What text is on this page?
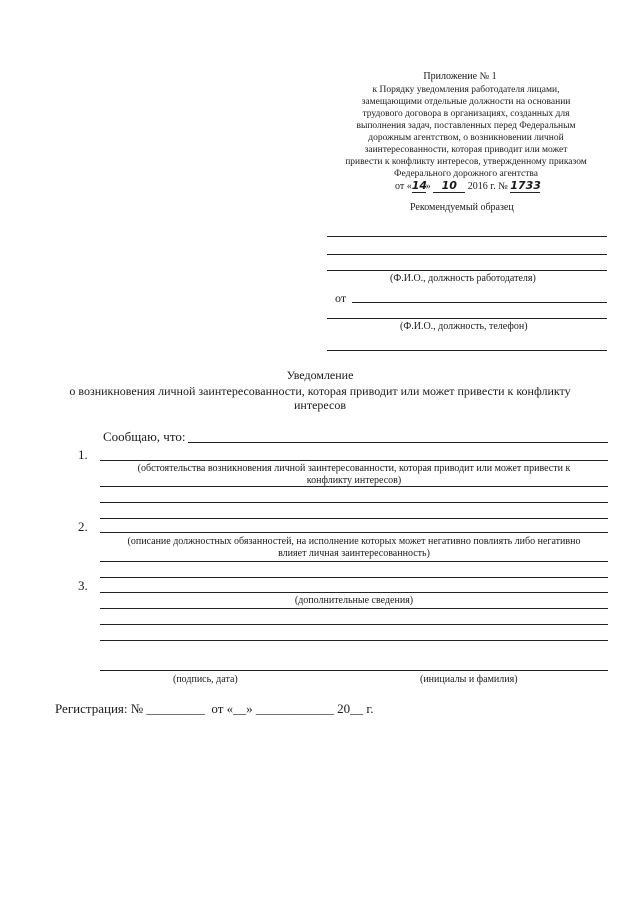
Приложение № 1
к Порядку уведомления работодателя лицами,
замещающими отдельные должности на основании
трудового договора в организациях, созданных для
выполнения задач, поставленных перед Федеральным
дорожным агентством, о возникновении личной
заинтересованности, которая приводит или может
привести к конфликту интересов, утвержденному приказом
Федерального дорожного агентства
от «14» 10 2016 г. № 1733
Рекомендуемый образец
(Ф.И.О., должность работодателя)
от
(Ф.И.О., должность, телефон)
Уведомление
о возникновения личной заинтересованности, которая приводит или может привести к конфликту
интересов
Сообщаю, что:
1.
(обстоятельства возникновения личной заинтересованности, которая приводит или может привести к
конфликту интересов)
2.
(описание должностных обязанностей, на исполнение которых может негативно повлиять либо негативно
влияет личная заинтересованность)
3.
(дополнительные сведения)
(подпись, дата)	(инициалы и фамилия)
Регистрация: № _________  от «__» ____________ 20__ г.
